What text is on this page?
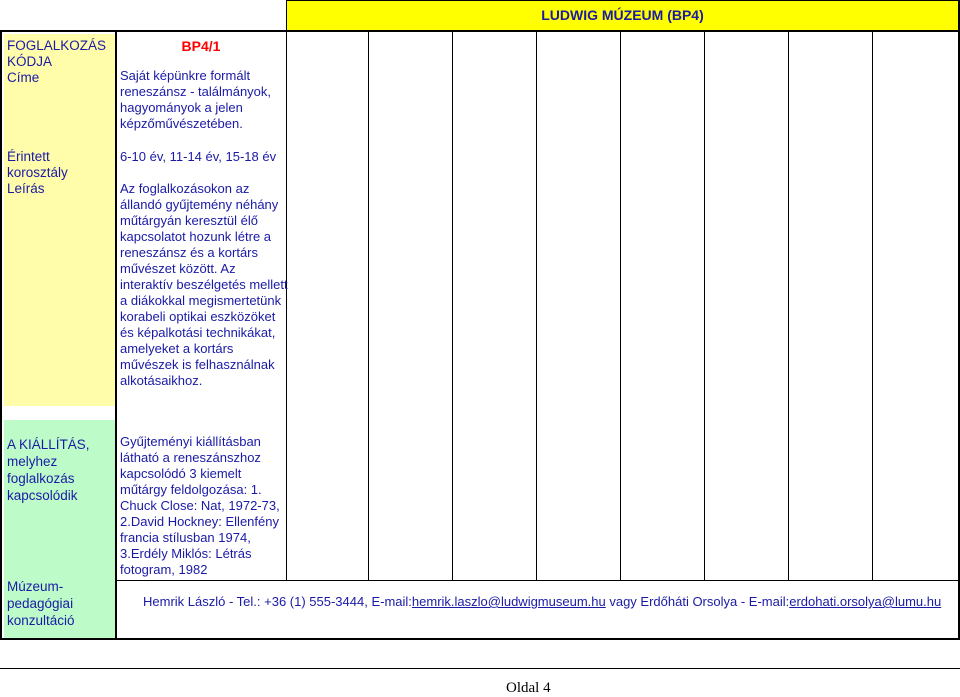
LUDWIG MÚZEUM (BP4)
FOGLALKOZÁS KÓDJA
Címe
Érintett korosztály
Leírás
A KIÁLLÍTÁS, melyhez foglalkozás kapcsolódik
Múzeum-pedagógiai konzultáció
BP4/1
Saját képünkre formált reneszánsz - találmányok, hagyományok a jelen képzőművészetében.
6-10 év, 11-14 év, 15-18 év
Az foglalkozásokon az állandó gyűjtemény néhány műtárgyán keresztül élő kapcsolatot hozunk létre a reneszánsz és a kortárs művészet között. Az interaktív beszélgetés mellett a diákokkal megismertetünk korabeli optikai eszközöket és képalkotási technikákat, amelyeket a kortárs művészek is felhasználnak alkotásaikhoz.
Gyűjteményi kiállításban látható a reneszánszhoz kapcsolódó 3 kiemelt műtárgy feldolgozása: 1. Chuck Close: Nat, 1972-73, 2.David Hockney: Ellenfény francia stílusban 1974, 3.Erdély Miklós: Létrás fotogram, 1982
Hemrik László - Tel.: +36 (1) 555-3444, E-mail:hemrik.laszlo@ludwigmuseum.hu vagy Erdőháti Orsolya - E-mail:erdohati.orsolya@lumu.hu
Oldal 4
